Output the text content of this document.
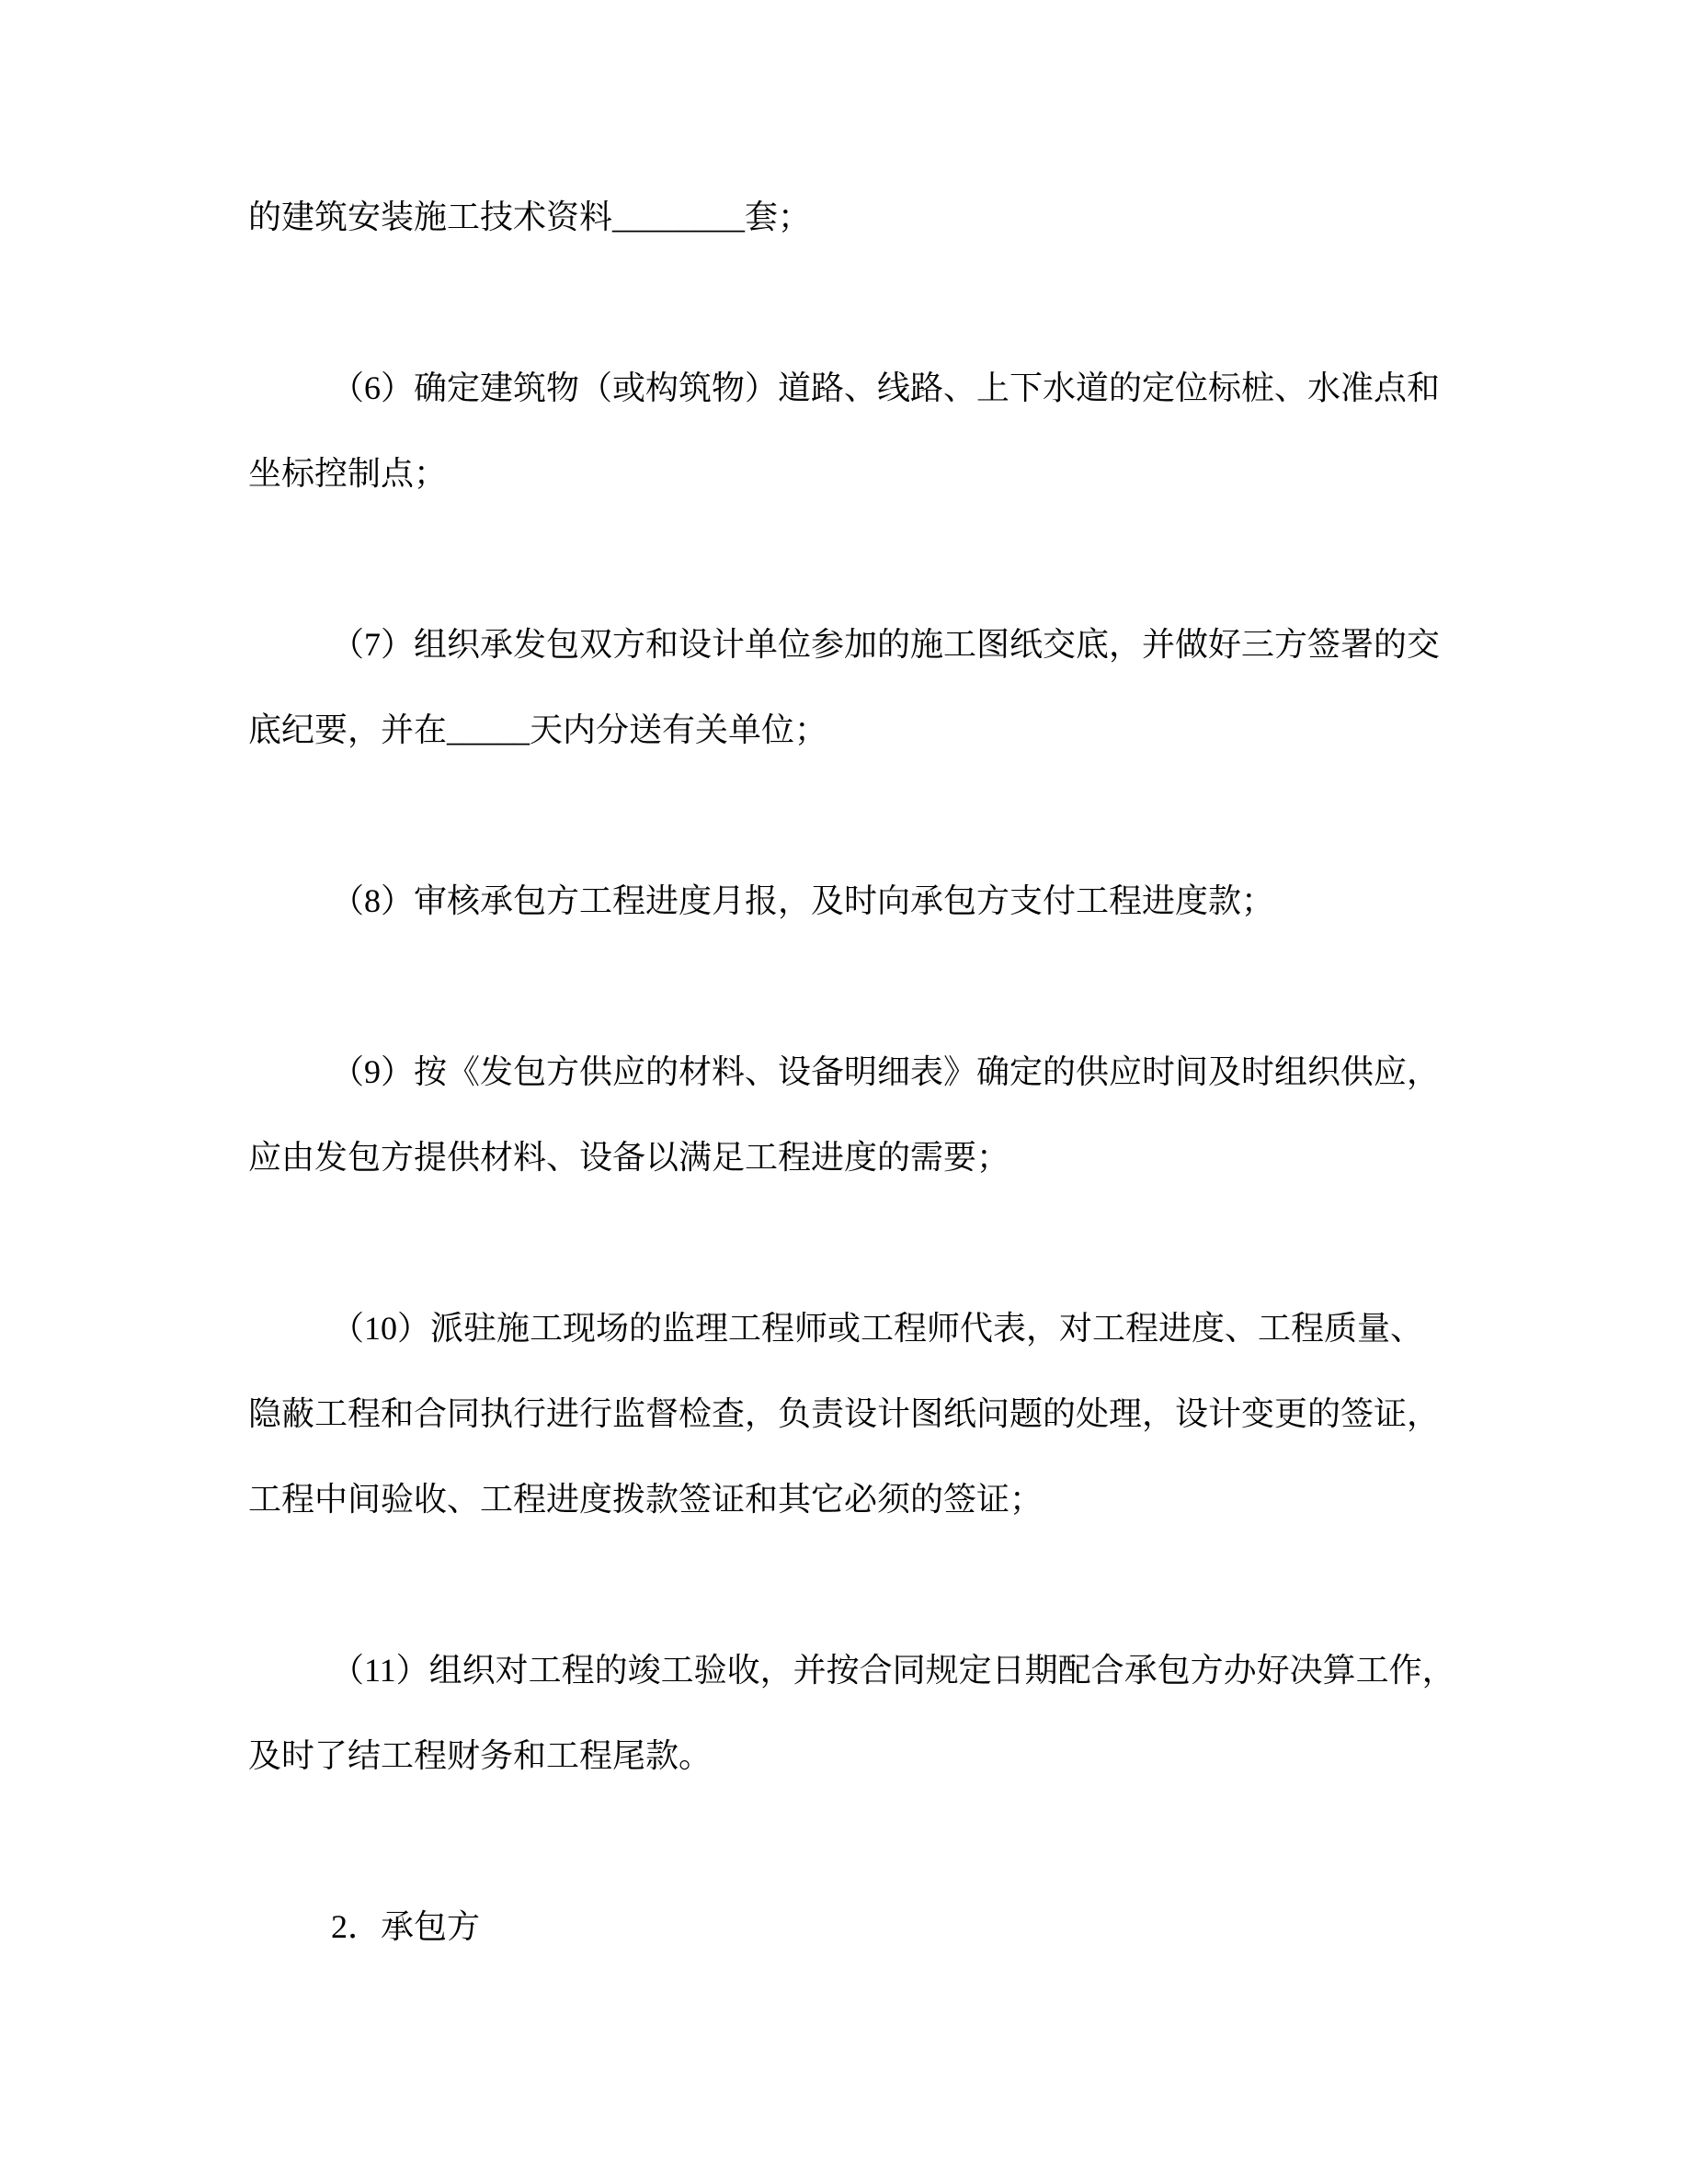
的建筑安装施工技术资料________套；
（6）确定建筑物（或构筑物）道路、线路、上下水道的定位标桩、水准点和
坐标控制点；
（7）组织承发包双方和设计单位参加的施工图纸交底，并做好三方签署的交
底纪要，并在_____天内分送有关单位；
（8）审核承包方工程进度月报，及时向承包方支付工程进度款；
（9）按《发包方供应的材料、设备明细表》确定的供应时间及时组织供应，
应由发包方提供材料、设备以满足工程进度的需要；
（10）派驻施工现场的监理工程师或工程师代表，对工程进度、工程质量、
隐蔽工程和合同执行进行监督检查，负责设计图纸问题的处理，设计变更的签证，
工程中间验收、工程进度拨款签证和其它必须的签证；
（11）组织对工程的竣工验收，并按合同规定日期配合承包方办好决算工作，
及时了结工程财务和工程尾款。
2．承包方
